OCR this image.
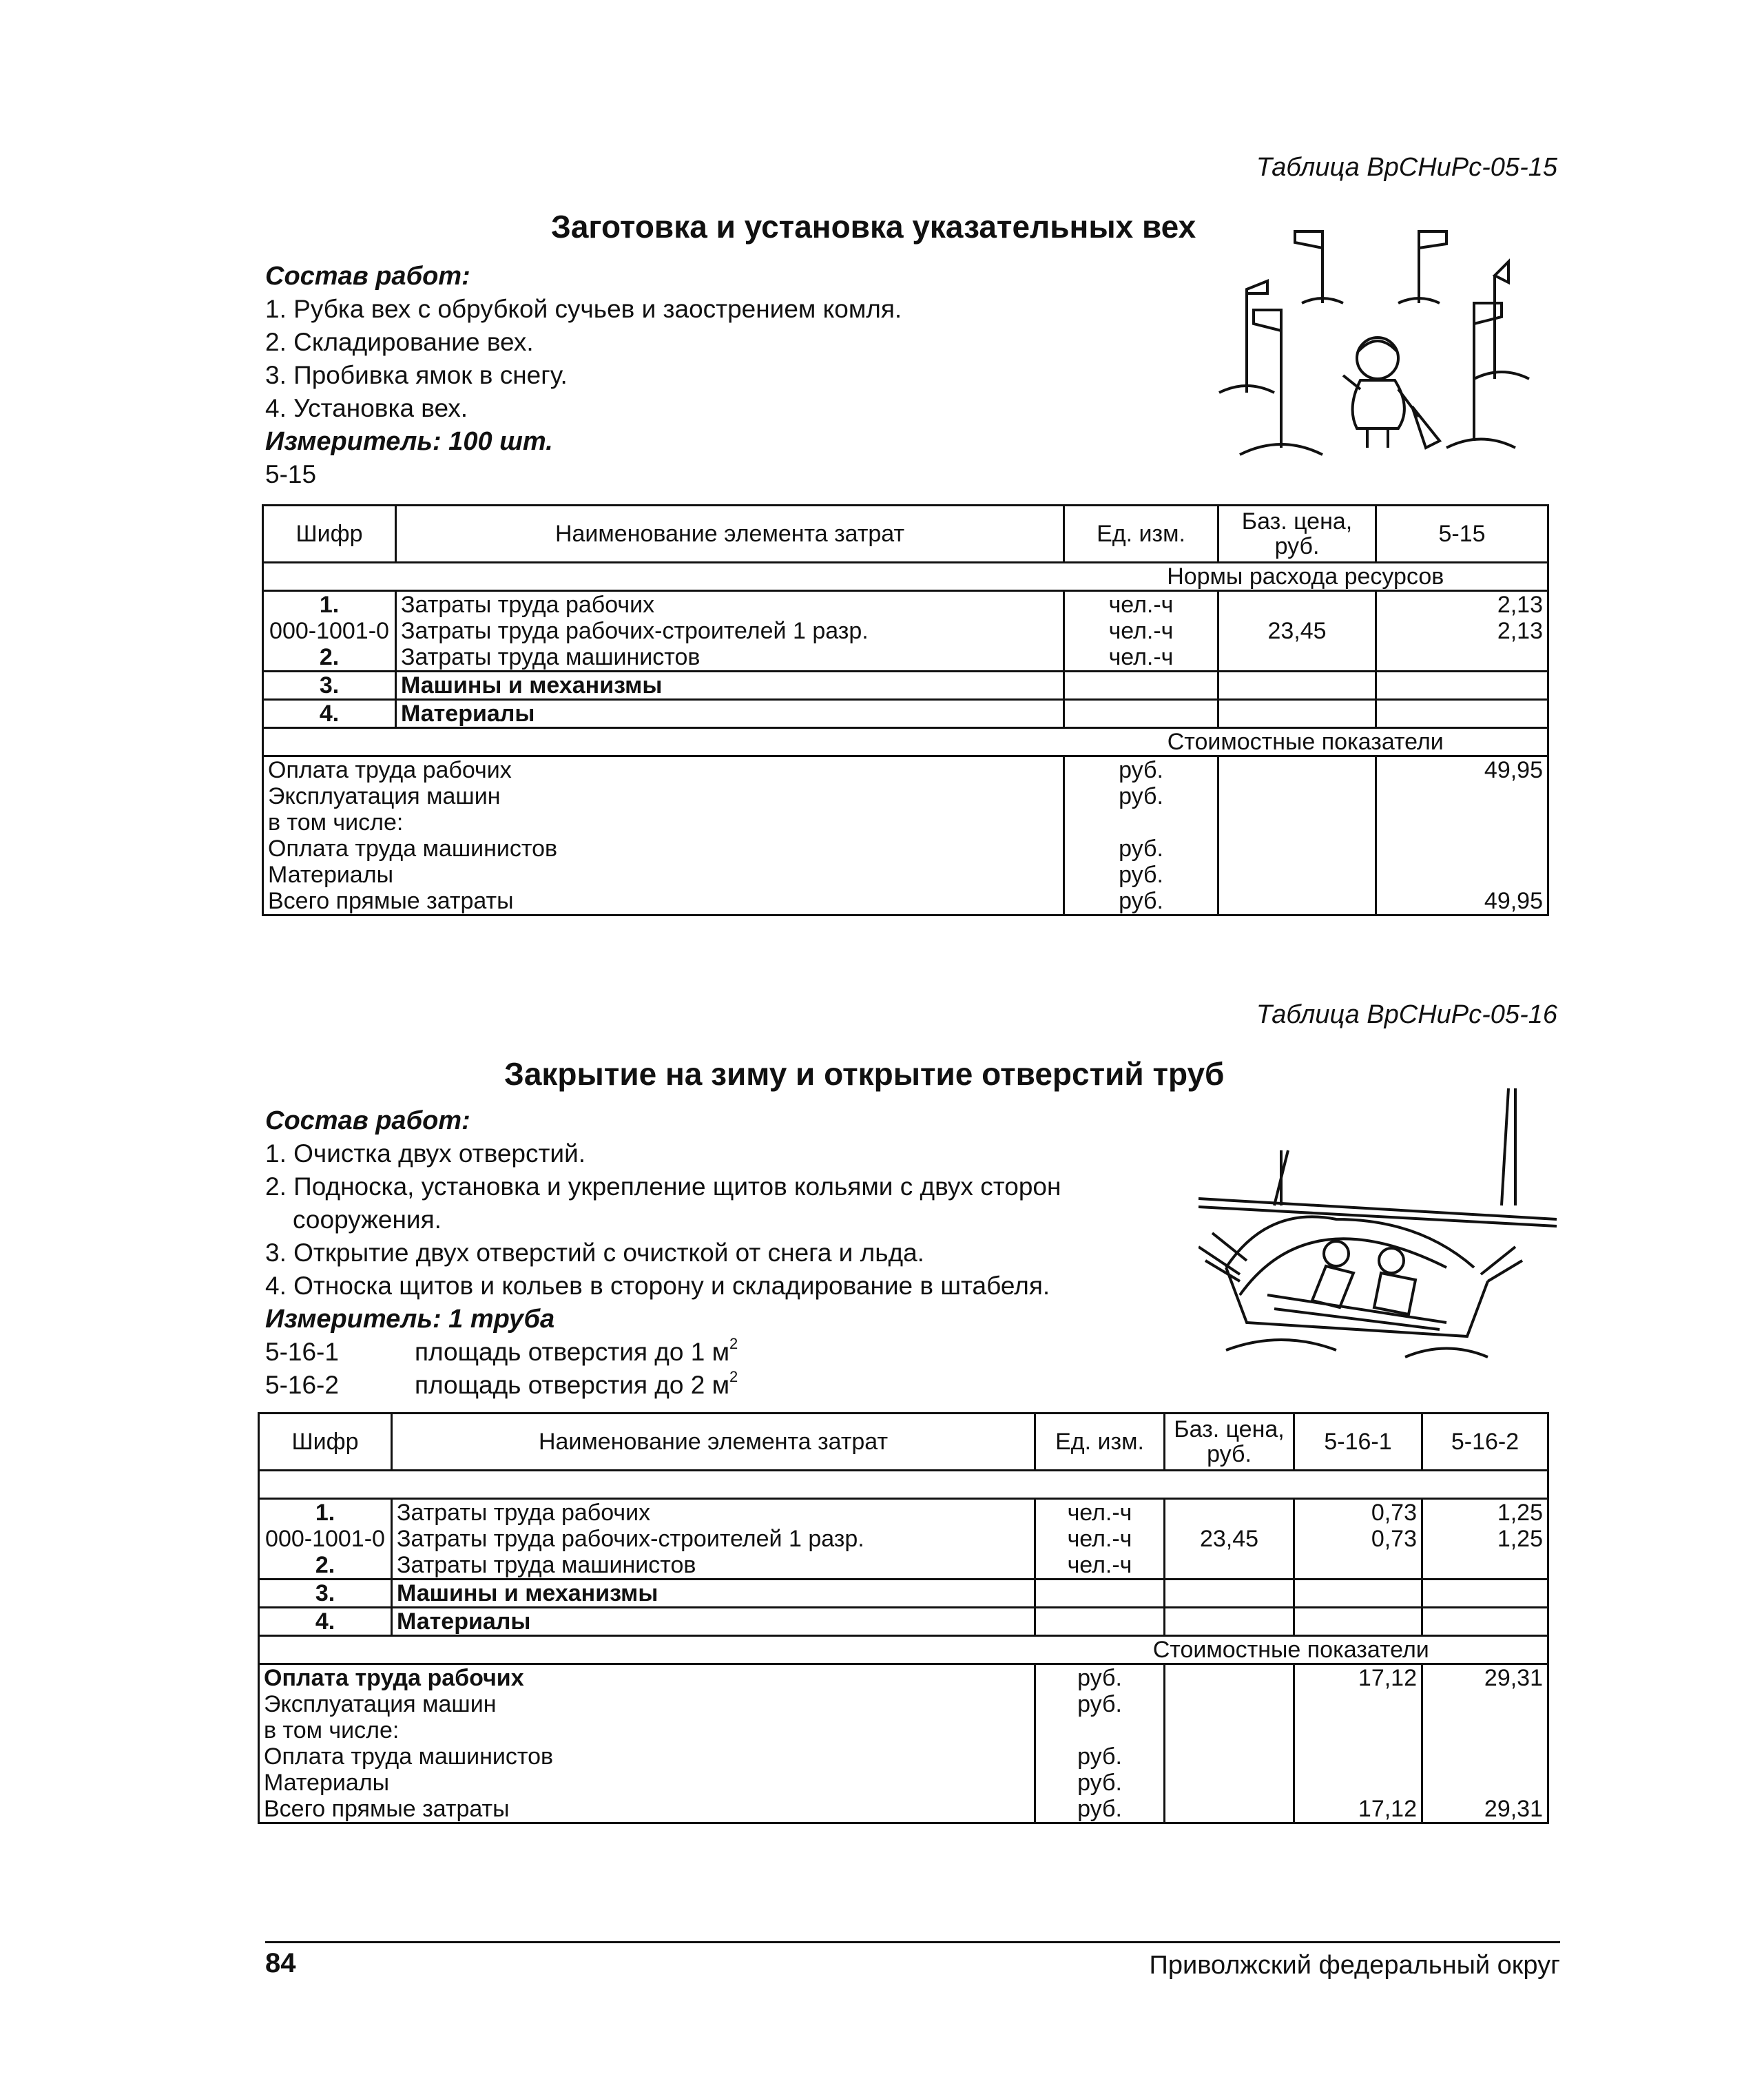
Таблица ВрСНиРс-05-15
Заготовка и установка указательных вех
Состав работ:
1. Рубка вех с обрубкой сучьев и заострением комля.
2. Складирование вех.
3. Пробивка ямок в снегу.
4. Установка вех.
Измеритель: 100 шт.
5-15
Шифр	Наименование элемента затрат	Ед. изм.	Баз. цена, руб.	5-15
		Нормы расхода ресурсов		
1.	Затраты труда рабочих	чел.-ч		2,13
000-1001-0	Затраты труда рабочих-строителей 1 разр.	чел.-ч	23,45	2,13
2.	Затраты труда машинистов	чел.-ч		
3.	Машины и механизмы			
4.	Материалы			
		Стоимостные показатели		
Оплата труда рабочих		руб.		49,95
Эксплуатация машин		руб.		
в том числе:				
Оплата труда машинистов		руб.		
Материалы		руб.		
Всего прямые затраты		руб.		49,95
Таблица ВрСНиРс-05-16
Закрытие на зиму и открытие отверстий труб
Состав работ:
1. Очистка двух отверстий.
2. Подноска, установка и укрепление щитов кольями с двух сторон
сооружения.
3. Открытие двух отверстий с очисткой от снега и льда.
4. Относка щитов и кольев в сторону и складирование в штабеля.
Измеритель: 1 труба
5-16-1	площадь отверстия до 1 $м^2$
5-16-2	площадь отверстия до 2 $м^2$
Шифр	Наименование элемента затрат	Ед. изм.	Баз. цена, руб.	5-16-1	5-16-2

1.	Затраты труда рабочих	чел.-ч		0,73	1,25
000-1001-0	Затраты труда рабочих-строителей 1 разр.	чел.-ч	23,45	0,73	1,25
2.	Затраты труда машинистов	чел.-ч			
3.	Машины и механизмы				
4.	Материалы				
		Стоимостные показатели			
Оплата труда рабочих		руб.		17,12	29,31
Эксплуатация машин		руб.			
в том числе:					
Оплата труда машинистов		руб.			
Материалы		руб.			
Всего прямые затраты		руб.		17,12	29,31
84	Приволжский федеральный округ
